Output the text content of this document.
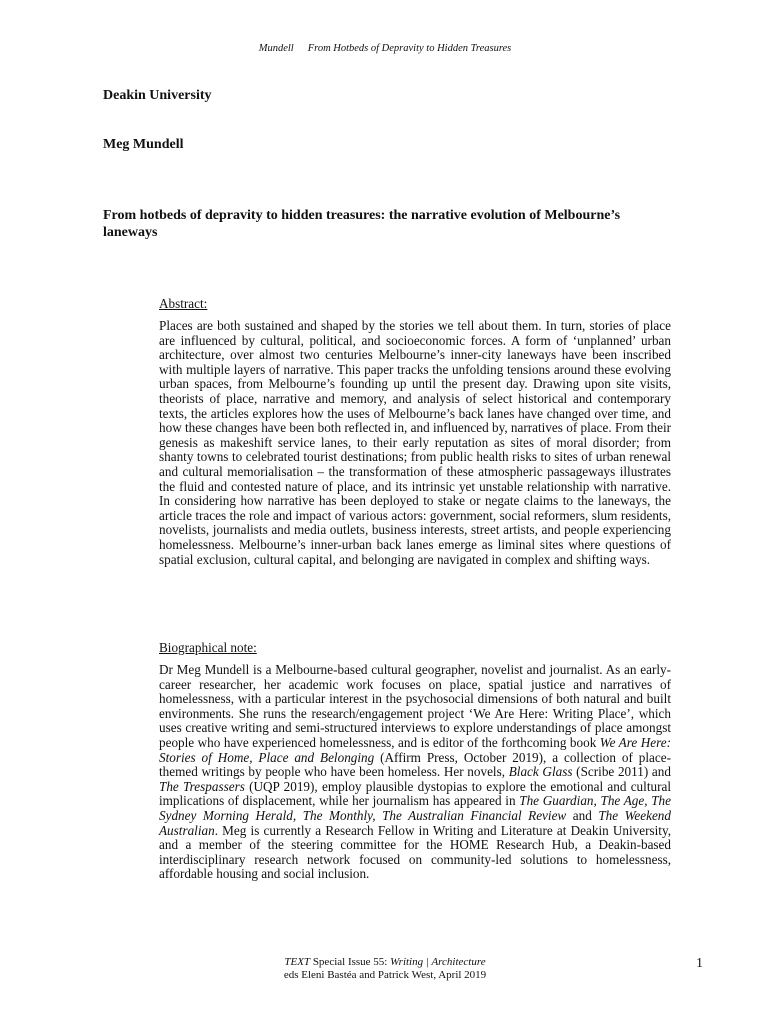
Mundell From Hotbeds of Depravity to Hidden Treasures
Deakin University
Meg Mundell
From hotbeds of depravity to hidden treasures: the narrative evolution of Melbourne’s laneways
Abstract:

Places are both sustained and shaped by the stories we tell about them. In turn, stories of place are influenced by cultural, political, and socioeconomic forces. A form of ‘unplanned’ urban architecture, over almost two centuries Melbourne’s inner-city laneways have been inscribed with multiple layers of narrative. This paper tracks the unfolding tensions around these evolving urban spaces, from Melbourne’s founding up until the present day. Drawing upon site visits, theorists of place, narrative and memory, and analysis of select historical and contemporary texts, the articles explores how the uses of Melbourne’s back lanes have changed over time, and how these changes have been both reflected in, and influenced by, narratives of place. From their genesis as makeshift service lanes, to their early reputation as sites of moral disorder; from shanty towns to celebrated tourist destinations; from public health risks to sites of urban renewal and cultural memorialisation – the transformation of these atmospheric passageways illustrates the fluid and contested nature of place, and its intrinsic yet unstable relationship with narrative. In considering how narrative has been deployed to stake or negate claims to the laneways, the article traces the role and impact of various actors: government, social reformers, slum residents, novelists, journalists and media outlets, business interests, street artists, and people experiencing homelessness. Melbourne’s inner-urban back lanes emerge as liminal sites where questions of spatial exclusion, cultural capital, and belonging are navigated in complex and shifting ways.

Biographical note:

Dr Meg Mundell is a Melbourne-based cultural geographer, novelist and journalist. As an early-career researcher, her academic work focuses on place, spatial justice and narratives of homelessness, with a particular interest in the psychosocial dimensions of both natural and built environments. She runs the research/engagement project ‘We Are Here: Writing Place’, which uses creative writing and semi-structured interviews to explore understandings of place amongst people who have experienced homelessness, and is editor of the forthcoming book We Are Here: Stories of Home, Place and Belonging (Affirm Press, October 2019), a collection of place-themed writings by people who have been homeless. Her novels, Black Glass (Scribe 2011) and The Trespassers (UQP 2019), employ plausible dystopias to explore the emotional and cultural implications of displacement, while her journalism has appeared in The Guardian, The Age, The Sydney Morning Herald, The Monthly, The Australian Financial Review and The Weekend Australian. Meg is currently a Research Fellow in Writing and Literature at Deakin University, and a member of the steering committee for the HOME Research Hub, a Deakin-based interdisciplinary research network focused on community-led solutions to homelessness, affordable housing and social inclusion.

TEXT Special Issue 55: Writing | Architecture
eds Eleni Bastéa and Patrick West, April 2019
1
